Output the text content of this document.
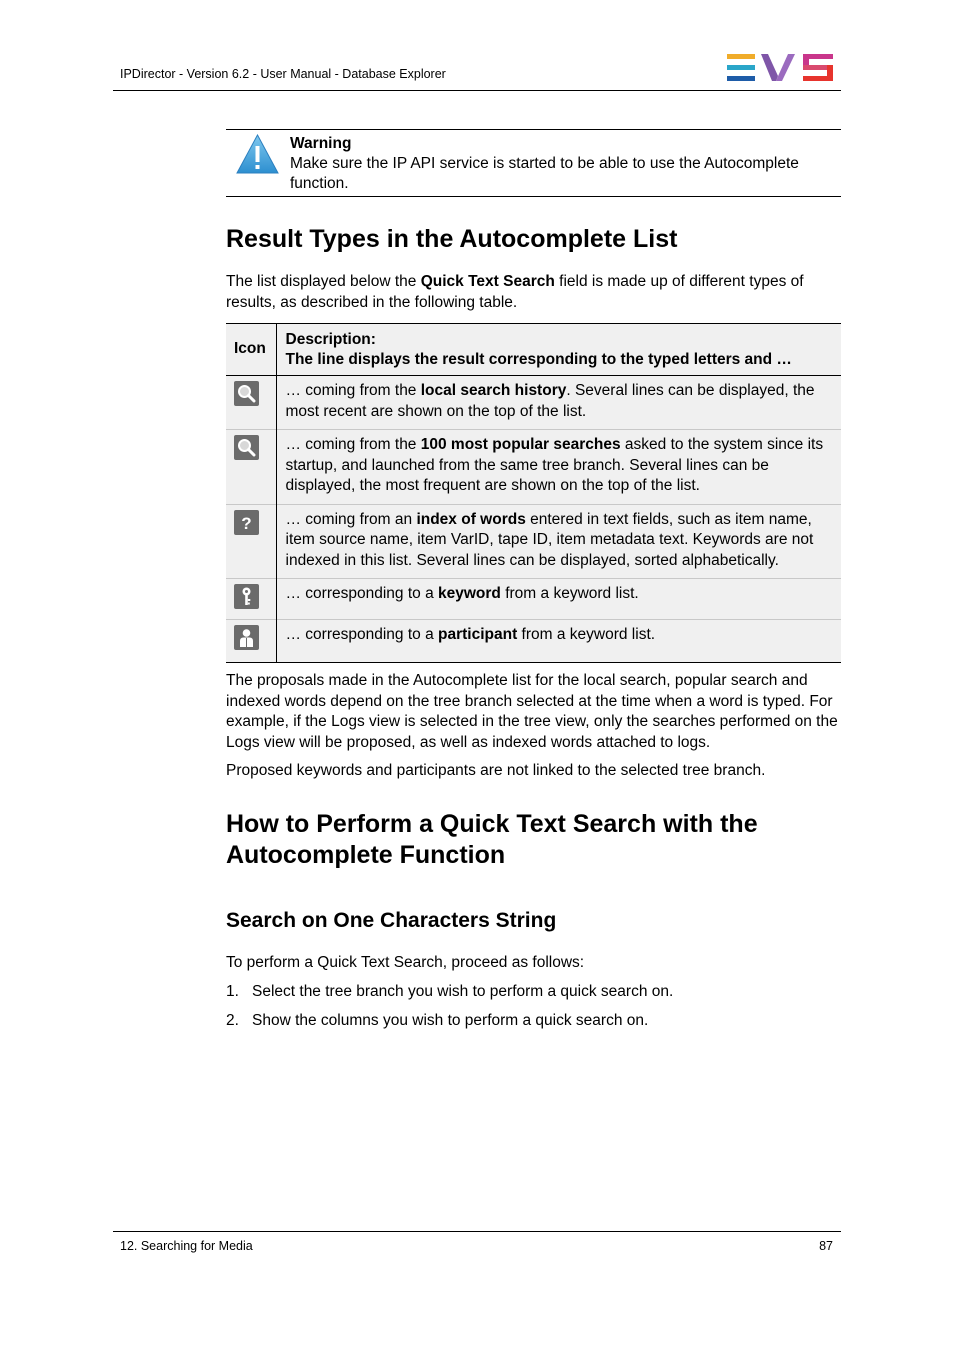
IPDirector - Version 6.2 - User Manual - Database Explorer
Warning
Make sure the IP API service is started to be able to use the Autocomplete function.
Result Types in the Autocomplete List

The list displayed below the Quick Text Search field is made up of different types of results, as described in the following table.

Icon	Description:
The line displays the result corresponding to the typed letters and …

	… coming from the local search history. Several lines can be displayed, the most recent are shown on the top of the list.

	… coming from the 100 most popular searches asked to the system since its startup, and launched from the same tree branch. Several lines can be displayed, the most frequent are shown on the top of the list.

?	… coming from an index of words entered in text fields, such as item name, item source name, item VarID, tape ID, item metadata text. Keywords are not indexed in this list. Several lines can be displayed, sorted alphabetically.

	… corresponding to a keyword from a keyword list.

	… corresponding to a participant from a keyword list.

The proposals made in the Autocomplete list for the local search, popular search and indexed words depend on the tree branch selected at the time when a word is typed. For example, if the Logs view is selected in the tree view, only the searches performed on the Logs view will be proposed, as well as indexed words attached to logs.

Proposed keywords and participants are not linked to the selected tree branch.

How to Perform a Quick Text Search with the
Autocomplete Function
Search on One Characters String

To perform a Quick Text Search, proceed as follows:

1. Select the tree branch you wish to perform a quick search on.
2. Show the columns you wish to perform a quick search on.
12. Searching for Media	87
